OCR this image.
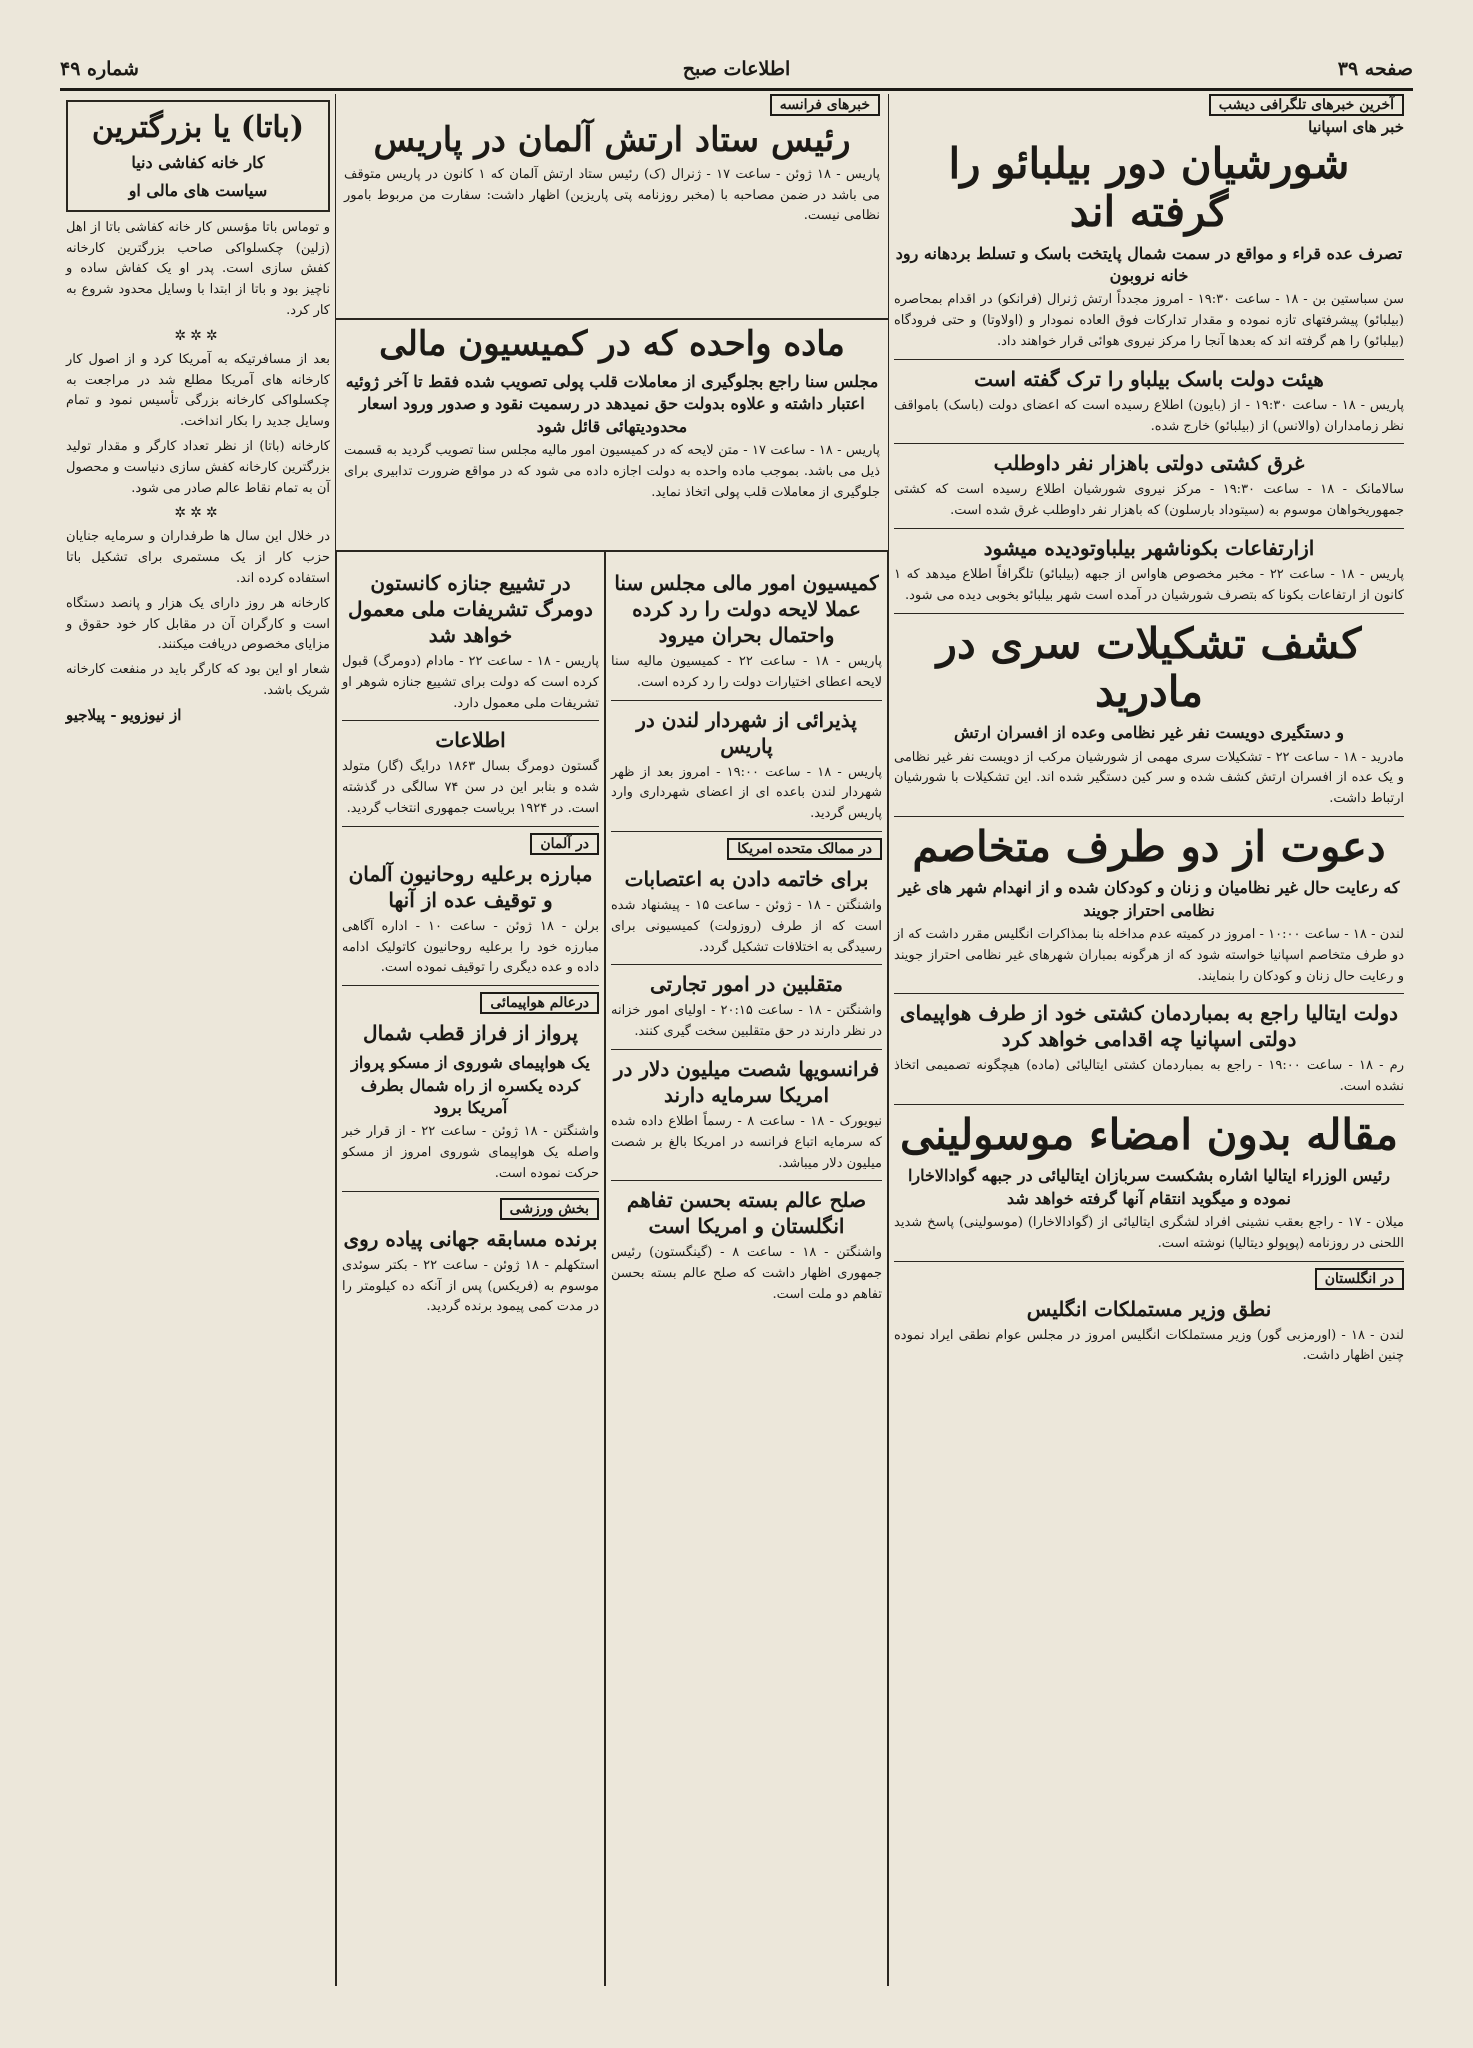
صفحه ۳۹
اطلاعات صبح
شماره ۴۹
آخرین خبرهای تلگرافی دیشب
خبر های اسپانیا
شورشیان دور بیلبائو را گرفته اند
تصرف عده قراء و مواقع در سمت شمال پایتخت باسک و تسلط بردهانه رود خانه نروبون

سن سباستین بن - ۱۸ - ساعت ۱۹:۳۰ - امروز مجدداً ارتش ژنرال (فرانکو) در اقدام بمحاصره (بیلبائو) پیشرفتهای تازه نموده و مقدار تدارکات فوق العاده نمودار و (اولاوتا) و حتی فرودگاه (بیلبائو) را هم گرفته اند که بعدها آنجا را مرکز نیروی هوائی قرار خواهند داد.

هیئت دولت باسک بیلباو را ترک گفته است

پاریس - ۱۸ - ساعت ۱۹:۳۰ - از (بایون) اطلاع رسیده است که اعضای دولت (باسک) بامواقف نظر زمامداران (والانس) از (بیلبائو) خارج شده.

غرق کشتی دولتی باهزار نفر داوطلب

سالامانک - ۱۸ - ساعت ۱۹:۳۰ - مرکز نیروی شورشیان اطلاع رسیده است که کشتی جمهوریخواهان موسوم به (سیتوداد بارسلون) که باهزار نفر داوطلب غرق شده است.

ازارتفاعات بکوناشهر بیلباوتودیده میشود

پاریس - ۱۸ - ساعت ۲۲ - مخبر مخصوص هاواس از جبهه (بیلبائو) تلگرافاً اطلاع میدهد که ۱ کانون از ارتفاعات بکونا که بتصرف شورشیان در آمده است شهر بیلبائو بخوبی دیده می شود.

کشف تشکیلات سری در مادرید
و دستگیری دویست نفر غیر نظامی وعده از افسران ارتش

مادرید - ۱۸ - ساعت ۲۲ - تشکیلات سری مهمی از شورشیان مرکب از دویست نفر غیر نظامی و یک عده از افسران ارتش کشف شده و سر کین دستگیر شده اند. این تشکیلات با شورشیان ارتباط داشت.

دعوت از دو طرف متخاصم
که رعایت حال غیر نظامیان و زنان و کودکان شده و از انهدام شهر های غیر نظامی احتراز جویند

لندن - ۱۸ - ساعت ۱۰:۰۰ - امروز در کمیته عدم مداخله بنا بمذاکرات انگلیس مقرر داشت که از دو طرف متخاصم اسپانیا خواسته شود که از هرگونه بمباران شهرهای غیر نظامی احتراز جویند و رعایت حال زنان و کودکان را بنمایند.

دولت ایتالیا راجع به بمباردمان کشتی خود از طرف هواپیمای دولتی اسپانیا چه اقدامی خواهد کرد

رم - ۱۸ - ساعت ۱۹:۰۰ - راجع به بمباردمان کشتی ایتالیائی (ماده) هیچگونه تصمیمی اتخاذ نشده است.

مقاله بدون امضاء موسولینی
رئیس الوزراء ایتالیا اشاره بشکست سربازان ایتالیائی در جبهه گوادالاخارا نموده و میگوید انتقام آنها گرفته خواهد شد

میلان - ۱۷ - راجع بعقب نشینی افراد لشگری ایتالیائی از (گوادالاخارا) (موسولینی) پاسخ شدید اللحنی در روزنامه (پوپولو دیتالیا) نوشته است.

در انگلستان
نطق وزیر مستملکات انگلیس

لندن - ۱۸ - (اورمزبی گور) وزیر مستملکات انگلیس امروز در مجلس عوام نطقی ایراد نموده چنین اظهار داشت.

کمیسیون امور مالی مجلس سنا عملا لایحه دولت را رد کرده واحتمال بحران میرود

پاریس - ۱۸ - ساعت ۲۲ - کمیسیون مالیه سنا لایحه اعطای اختیارات دولت را رد کرده است.

پذیرائی از شهردار لندن در پاریس

پاریس - ۱۸ - ساعت ۱۹:۰۰ - امروز بعد از ظهر شهردار لندن باعده ای از اعضای شهرداری وارد پاریس گردید.

در ممالک متحده امریکا
برای خاتمه دادن به اعتصابات

واشنگتن - ۱۸ - ژوئن - ساعت ۱۵ - پیشنهاد شده است که از طرف (روزولت) کمیسیونی برای رسیدگی به اختلافات تشکیل گردد.

متقلبین در امور تجارتی

واشنگتن - ۱۸ - ساعت ۲۰:۱۵ - اولیای امور خزانه در نظر دارند در حق متقلبین سخت گیری کنند.

فرانسویها شصت میلیون دلار در امریکا سرمایه دارند

نیویورک - ۱۸ - ساعت ۸ - رسماً اطلاع داده شده که سرمایه اتباع فرانسه در امریکا بالغ بر شصت میلیون دلار میباشد.

صلح عالم بسته بحسن تفاهم انگلستان و امریکا است

واشنگتن - ۱۸ - ساعت ۸ - (گینگستون) رئیس جمهوری اظهار داشت که صلح عالم بسته بحسن تفاهم دو ملت است.

در تشییع جنازه کانستون دومرگ تشریفات ملی معمول خواهد شد

پاریس - ۱۸ - ساعت ۲۲ - مادام (دومرگ) قبول کرده است که دولت برای تشییع جنازه شوهر او تشریفات ملی معمول دارد.

اطلاعات

گستون دومرگ بسال ۱۸۶۳ درایگ (گار) متولد شده و بنابر این در سن ۷۴ سالگی در گذشته است. در ۱۹۲۴ بریاست جمهوری انتخاب گردید.

در آلمان
مبارزه برعلیه روحانیون آلمان و توقیف عده از آنها

برلن - ۱۸ ژوئن - ساعت ۱۰ - اداره آگاهی مبارزه خود را برعلیه روحانیون کاتولیک ادامه داده و عده دیگری را توقیف نموده است.

درعالم هواپیمائی
پرواز از فراز قطب شمال
یک هواپیمای شوروی از مسکو پرواز کرده یکسره از راه شمال بطرف آمریکا برود

واشنگتن - ۱۸ ژوئن - ساعت ۲۲ - از قرار خبر واصله یک هواپیمای شوروی امروز از مسکو حرکت نموده است.

بخش ورزشی
برنده مسابقه جهانی پیاده روی

استکهلم - ۱۸ ژوئن - ساعت ۲۲ - بکتر سوئدی موسوم به (فریکس) پس از آنکه ده کیلومتر را در مدت کمی پیمود برنده گردید.

خبرهای فرانسه
رئیس ستاد ارتش آلمان در پاریس

پاریس - ۱۸ ژوئن - ساعت ۱۷ - ژنرال (ک) رئیس ستاد ارتش آلمان که ۱ کانون در پاریس متوقف می باشد در ضمن مصاحبه با (مخبر روزنامه پتی پاریزین) اظهار داشت: سفارت من مربوط بامور نظامی نیست.

ماده واحده که در کمیسیون مالی
مجلس سنا راجع بجلوگیری از معاملات قلب پولی تصویب شده فقط تا آخر ژوئیه اعتبار داشته و علاوه بدولت حق نمیدهد در رسمیت نقود و صدور ورود اسعار محدودیتهائی قائل شود

پاریس - ۱۸ - ساعت ۱۷ - متن لایحه که در کمیسیون امور مالیه مجلس سنا تصویب گردید به قسمت ذیل می باشد. بموجب ماده واحده به دولت اجازه داده می شود که در مواقع ضرورت تدابیری برای جلوگیری از معاملات قلب پولی اتخاذ نماید.

(باتا) یا بزرگترین
کار خانه کفاشی دنیا
سیاست های مالی او

و توماس باتا مؤسس کار خانه کفاشی باتا از اهل (زلین) چکسلواکی صاحب بزرگترین کارخانه کفش سازی است. پدر او یک کفاش ساده و ناچیز بود و باتا از ابتدا با وسایل محدود شروع به کار کرد.

✲✲✲

بعد از مسافرتیکه به آمریکا کرد و از اصول کار کارخانه های آمریکا مطلع شد در مراجعت به چکسلواکی کارخانه بزرگی تأسیس نمود و تمام وسایل جدید را بکار انداخت.

کارخانه (باتا) از نظر تعداد کارگر و مقدار تولید بزرگترین کارخانه کفش سازی دنیاست و محصول آن به تمام نقاط عالم صادر می شود.

✲✲✲

در خلال این سال ها طرفداران و سرمایه جنایان حزب کار از یک مستمری برای تشکیل باتا استفاده کرده اند.

کارخانه هر روز دارای یک هزار و پانصد دستگاه است و کارگران آن در مقابل کار خود حقوق و مزایای مخصوص دریافت میکنند.

شعار او این بود که کارگر باید در منفعت کارخانه شریک باشد.

از نیوزویو - پیلاجیو
